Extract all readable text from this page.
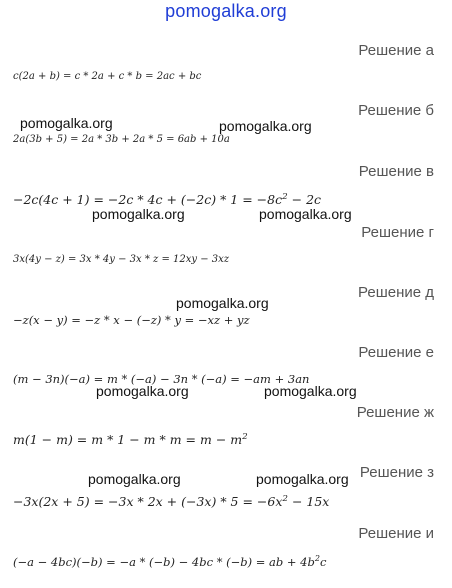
pomogalka.org
Решение а
c(2a + b) = c * 2a + c * b = 2ac + bc
Решение б
2a(3b + 5) = 2a * 3b + 2a * 5 = 6ab + 10a
Решение в
$-2c(4c + 1) = -2c * 4c + (-2c) * 1 = -8c^2 - 2c$
Решение г
3x(4y − z) = 3x * 4y − 3x * z = 12xy − 3xz
Решение д
−z(x − y) = −z * x − (−z) * y = −xz + yz
Решение е
(m − 3n)(−a) = m * (−a) − 3n * (−a) = −am + 3an
Решение ж
$m(1 - m) = m * 1 - m * m = m - m^2$
Решение з
$-3x(2x + 5) = -3x * 2x + (-3x) * 5 = -6x^2 - 15x$
Решение и
(−a − 4bc)(−b) = −a * (−b) − 4bc * (−b) = ab + $4b^2c$
pomogalka.org	pomogalka.org
pomogalka.org	pomogalka.org
pomogalka.org
pomogalka.org	pomogalka.org
pomogalka.org	pomogalka.org
